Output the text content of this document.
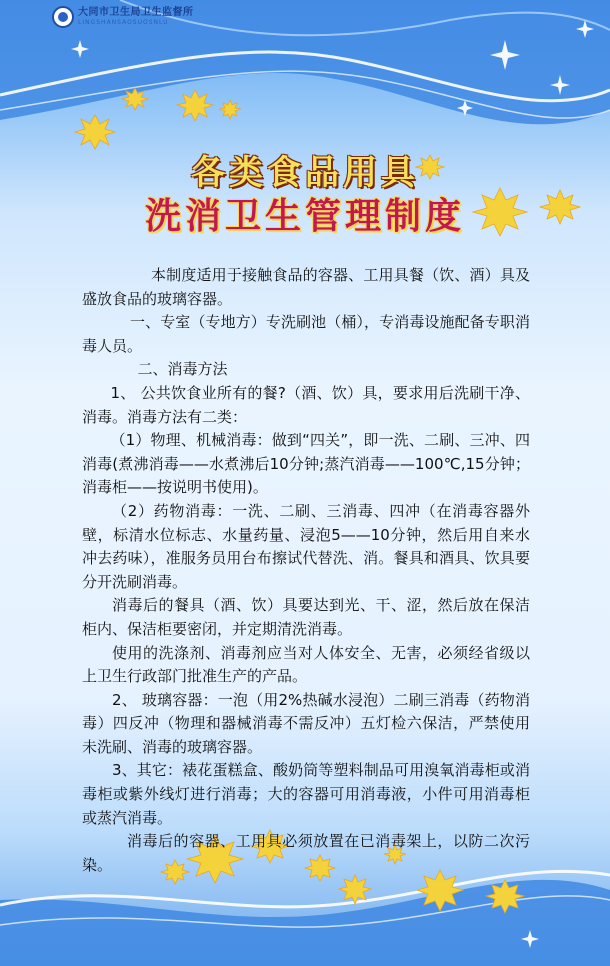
大同市卫生局卫生监督所
LINGSHANSAOSUOSNLU
各类食品用具
洗消卫生管理制度

本制度适用于接触食品的容器、工用具餐（饮、酒）具及盛放食品的玻璃容器。

一、专室（专地方）专洗刷池（桶），专消毒设施配备专职消毒人员。

二、消毒方法

1、 公共饮食业所有的餐?（酒、饮）具，要求用后洗刷干净、消毒。消毒方法有二类：

（1）物理、机械消毒：做到“四关”，即一洗、二刷、三冲、四消毒(煮沸消毒——水煮沸后10分钟;蒸汽消毒——100℃,15分钟；消毒柜——按说明书使用)。

（2）药物消毒：一洗、二刷、三消毒、四冲（在消毒容器外壁，标清水位标志、水量药量、浸泡5——10分钟，然后用自来水冲去药味），准服务员用台布擦试代替洗、消。餐具和酒具、饮具要分开洗刷消毒。

消毒后的餐具（酒、饮）具要达到光、干、涩，然后放在保洁柜内、保洁柜要密闭，并定期清洗消毒。

使用的洗涤剂、消毒剂应当对人体安全、无害，必须经省级以上卫生行政部门批准生产的产品。

2、 玻璃容器：一泡（用2%热碱水浸泡）二刷三消毒（药物消毒）四反冲（物理和器械消毒不需反冲）五灯检六保洁，严禁使用未洗刷、消毒的玻璃容器。

3、其它：裱花蛋糕盒、酸奶筒等塑料制品可用溴氧消毒柜或消毒柜或紫外线灯进行消毒；大的容器可用消毒液，小件可用消毒柜或蒸汽消毒。

消毒后的容器、工用具必须放置在已消毒架上，以防二次污染。
